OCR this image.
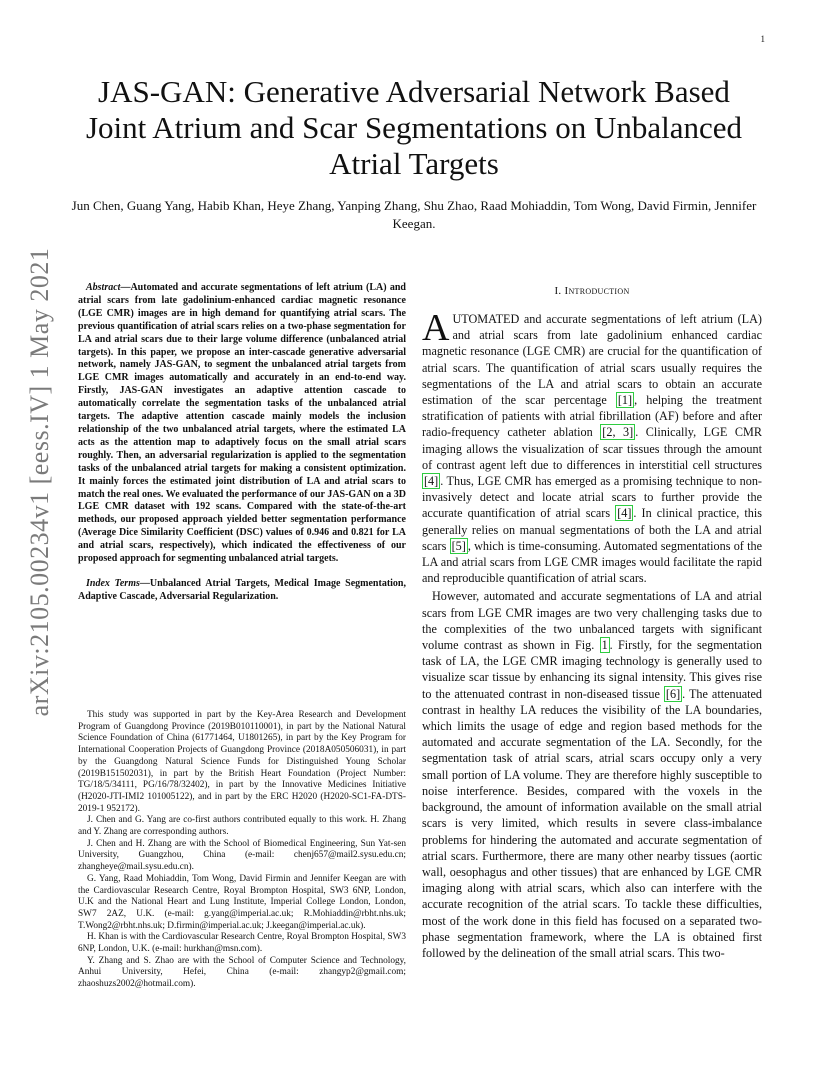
1
arXiv:2105.00234v1 [eess.IV] 1 May 2021
JAS-GAN: Generative Adversarial Network Based Joint Atrium and Scar Segmentations on Unbalanced Atrial Targets

Jun Chen, Guang Yang, Habib Khan, Heye Zhang, Yanping Zhang, Shu Zhao, Raad Mohiaddin, Tom Wong, David Firmin, Jennifer Keegan.

Abstract—Automated and accurate segmentations of left atrium (LA) and atrial scars from late gadolinium-enhanced cardiac magnetic resonance (LGE CMR) images are in high demand for quantifying atrial scars. The previous quantification of atrial scars relies on a two-phase segmentation for LA and atrial scars due to their large volume difference (unbalanced atrial targets). In this paper, we propose an inter-cascade generative adversarial network, namely JAS-GAN, to segment the unbalanced atrial targets from LGE CMR images automatically and accurately in an end-to-end way. Firstly, JAS-GAN investigates an adaptive attention cascade to automatically correlate the segmentation tasks of the unbalanced atrial targets. The adaptive attention cascade mainly models the inclusion relationship of the two unbalanced atrial targets, where the estimated LA acts as the attention map to adaptively focus on the small atrial scars roughly. Then, an adversarial regularization is applied to the segmentation tasks of the unbalanced atrial targets for making a consistent optimization. It mainly forces the estimated joint distribution of LA and atrial scars to match the real ones. We evaluated the performance of our JAS-GAN on a 3D LGE CMR dataset with 192 scans. Compared with the state-of-the-art methods, our proposed approach yielded better segmentation performance (Average Dice Similarity Coefficient (DSC) values of 0.946 and 0.821 for LA and atrial scars, respectively), which indicated the effectiveness of our proposed approach for segmenting unbalanced atrial targets.

Index Terms—Unbalanced Atrial Targets, Medical Image Segmentation, Adaptive Cascade, Adversarial Regularization.

This study was supported in part by the Key-Area Research and Development Program of Guangdong Province (2019B010110001), in part by the National Natural Science Foundation of China (61771464, U1801265), in part by the Key Program for International Cooperation Projects of Guangdong Province (2018A050506031), in part by the Guangdong Natural Science Funds for Distinguished Young Scholar (2019B151502031), in part by the British Heart Foundation (Project Number: TG/18/5/34111, PG/16/78/32402), in part by the Innovative Medicines Initiative (H2020-JTI-IMI2 101005122), and in part by the ERC H2020 (H2020-SC1-FA-DTS-2019-1 952172).

J. Chen and G. Yang are co-first authors contributed equally to this work. H. Zhang and Y. Zhang are corresponding authors.

J. Chen and H. Zhang are with the School of Biomedical Engineering, Sun Yat-sen University, Guangzhou, China (e-mail: chenj657@mail2.sysu.edu.cn; zhangheye@mail.sysu.edu.cn).

G. Yang, Raad Mohiaddin, Tom Wong, David Firmin and Jennifer Keegan are with the Cardiovascular Research Centre, Royal Brompton Hospital, SW3 6NP, London, U.K and the National Heart and Lung Institute, Imperial College London, London, SW7 2AZ, U.K. (e-mail: g.yang@imperial.ac.uk; R.Mohiaddin@rbht.nhs.uk; T.Wong2@rbht.nhs.uk; D.firmin@imperial.ac.uk; J.keegan@imperial.ac.uk).

H. Khan is with the Cardiovascular Research Centre, Royal Brompton Hospital, SW3 6NP, London, U.K. (e-mail: hurkhan@msn.com).

Y. Zhang and S. Zhao are with the School of Computer Science and Technology, Anhui University, Hefei, China (e-mail: zhangyp2@gmail.com; zhaoshuzs2002@hotmail.com).

I. Introduction

AUTOMATED and accurate segmentations of left atrium (LA) and atrial scars from late gadolinium enhanced cardiac magnetic resonance (LGE CMR) are crucial for the quantification of atrial scars. The quantification of atrial scars usually requires the segmentations of the LA and atrial scars to obtain an accurate estimation of the scar percentage [1] , helping the treatment stratification of patients with atrial fibrillation (AF) before and after radio-frequency catheter ablation [2, 3] . Clinically, LGE CMR imaging allows the visualization of scar tissues through the amount of contrast agent left due to differences in interstitial cell structures [4] . Thus, LGE CMR has emerged as a promising technique to non-invasively detect and locate atrial scars to further provide the accurate quantification of atrial scars [4] . In clinical practice, this generally relies on manual segmentations of both the LA and atrial scars [5] , which is time-consuming. Automated segmentations of the LA and atrial scars from LGE CMR images would facilitate the rapid and reproducible quantification of atrial scars.

However, automated and accurate segmentations of LA and atrial scars from LGE CMR images are two very challenging tasks due to the complexities of the two unbalanced targets with significant volume contrast as shown in Fig. 1 . Firstly, for the segmentation task of LA, the LGE CMR imaging technology is generally used to visualize scar tissue by enhancing its signal intensity. This gives rise to the attenuated contrast in non-diseased tissue [6] . The attenuated contrast in healthy LA reduces the visibility of the LA boundaries, which limits the usage of edge and region based methods for the automated and accurate segmentation of the LA. Secondly, for the segmentation task of atrial scars, atrial scars occupy only a very small portion of LA volume. They are therefore highly susceptible to noise interference. Besides, compared with the voxels in the background, the amount of information available on the small atrial scars is very limited, which results in severe class-imbalance problems for hindering the automated and accurate segmentation of atrial scars. Furthermore, there are many other nearby tissues (aortic wall, oesophagus and other tissues) that are enhanced by LGE CMR imaging along with atrial scars, which also can interfere with the accurate recognition of the atrial scars. To tackle these difficulties, most of the work done in this field has focused on a separated two-phase segmentation framework, where the LA is obtained first followed by the delineation of the small atrial scars. This two-
